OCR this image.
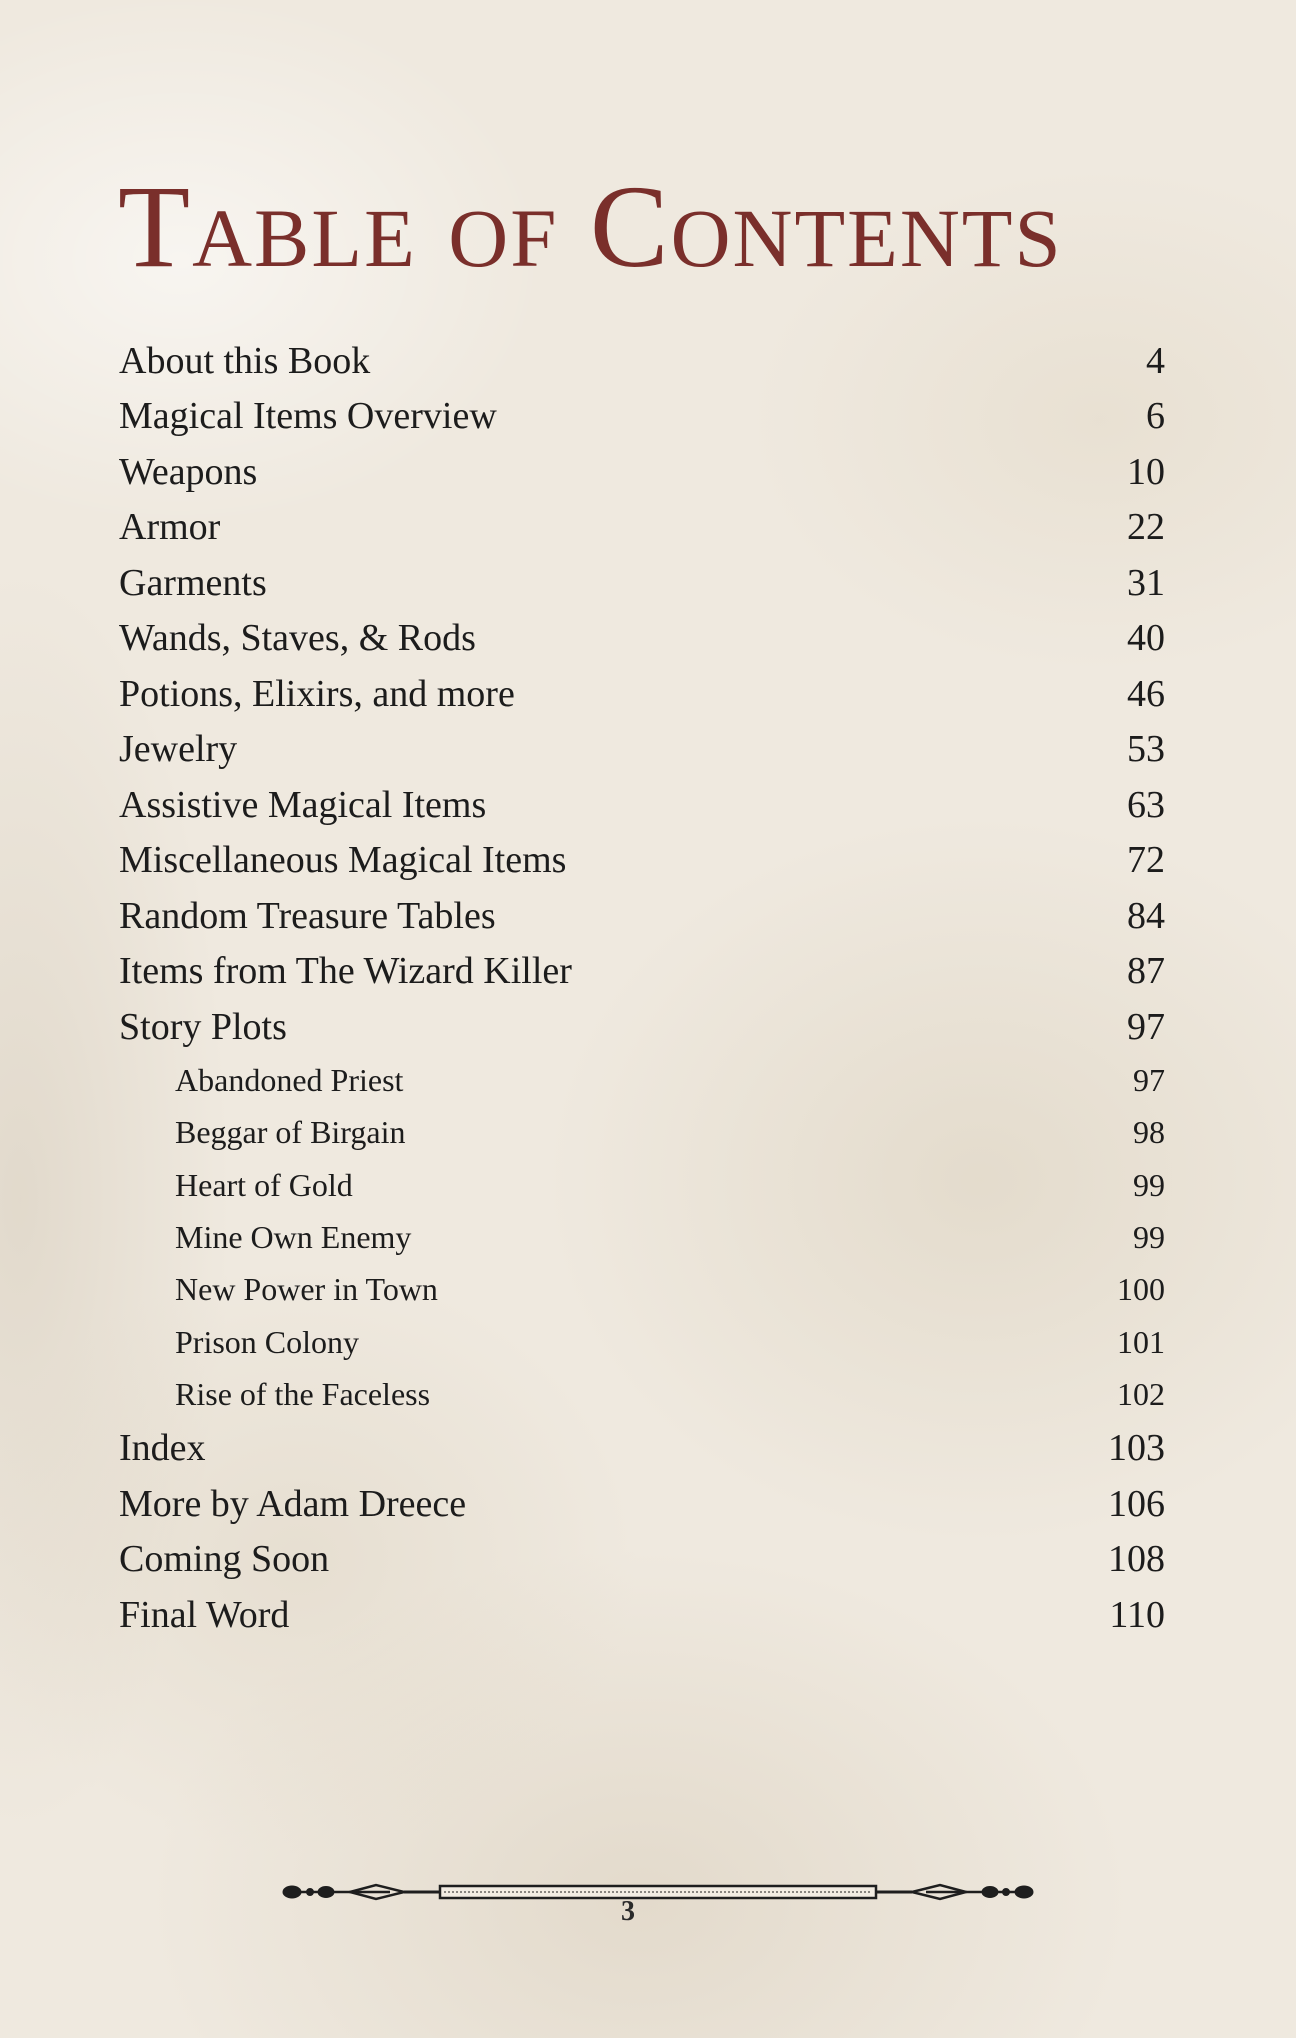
Table of Contents
About this Book	4
Magical Items Overview	6
Weapons	10
Armor	22
Garments	31
Wands, Staves, & Rods	40
Potions, Elixirs, and more	46
Jewelry	53
Assistive Magical Items	63
Miscellaneous Magical Items	72
Random Treasure Tables	84
Items from The Wizard Killer	87
Story Plots	97
Abandoned Priest	97
Beggar of Birgain	98
Heart of Gold	99
Mine Own Enemy	99
New Power in Town	100
Prison Colony	101
Rise of the Faceless	102
Index	103
More by Adam Dreece	106
Coming Soon	108
Final Word	110
3
